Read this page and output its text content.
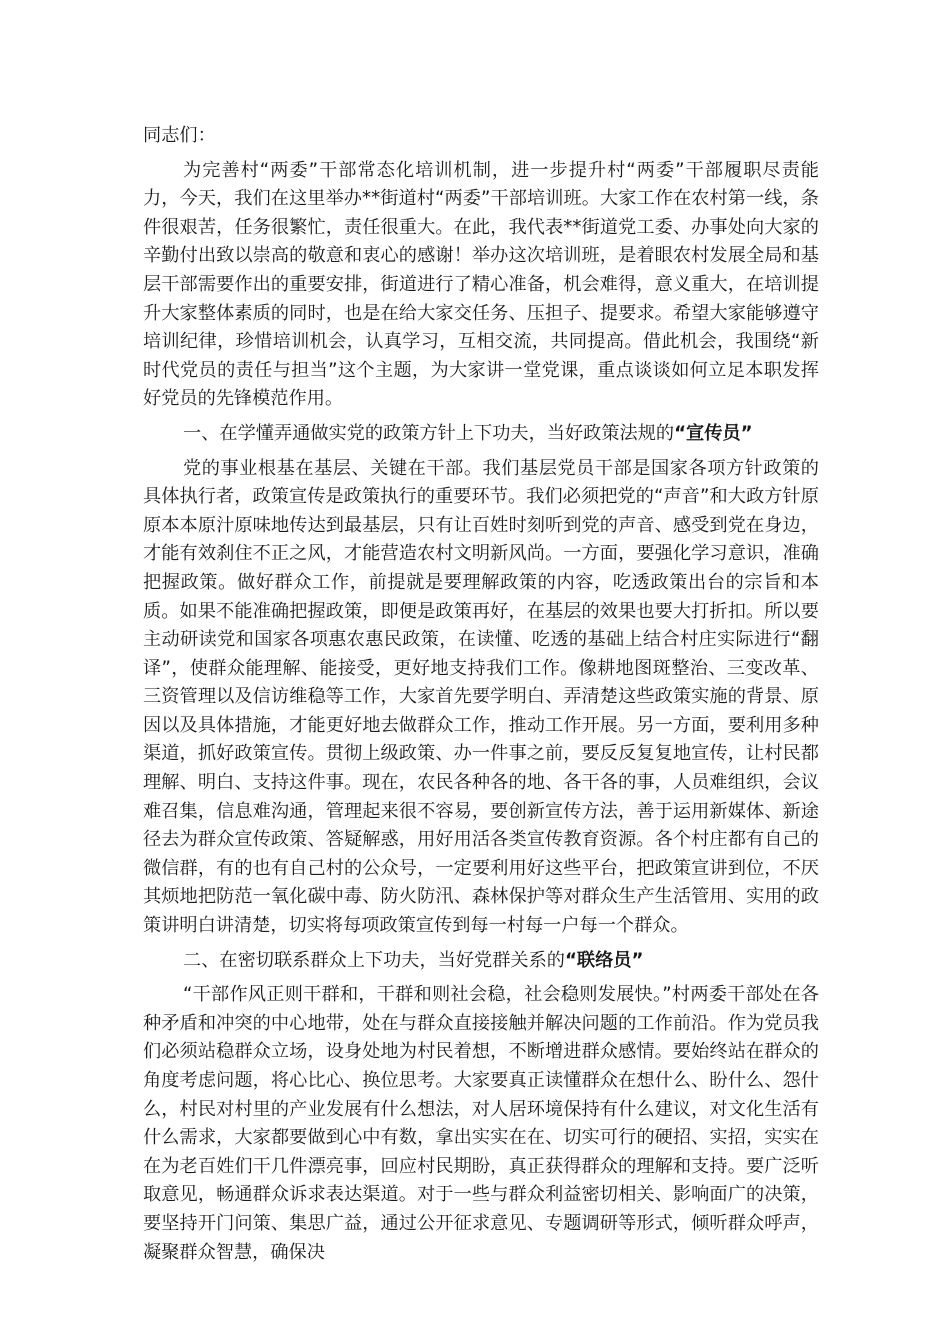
同志们：

为完善村“两委”干部常态化培训机制，进一步提升村“两委”干部履职尽责能力，今天，我们在这里举办**街道村“两委”干部培训班。大家工作在农村第一线，条件很艰苦，任务很繁忙，责任很重大。在此，我代表**街道党工委、办事处向大家的辛勤付出致以崇高的敬意和衷心的感谢！举办这次培训班，是着眼农村发展全局和基层干部需要作出的重要安排，街道进行了精心准备，机会难得，意义重大，在培训提升大家整体素质的同时，也是在给大家交任务、压担子、提要求。希望大家能够遵守培训纪律，珍惜培训机会，认真学习，互相交流，共同提高。借此机会，我围绕“新时代党员的责任与担当”这个主题，为大家讲一堂党课，重点谈谈如何立足本职发挥好党员的先锋模范作用。

一、在学懂弄通做实党的政策方针上下功夫，当好政策法规的“宣传员”

党的事业根基在基层、关键在干部。我们基层党员干部是国家各项方针政策的具体执行者，政策宣传是政策执行的重要环节。我们必须把党的“声音”和大政方针原原本本原汁原味地传达到最基层，只有让百姓时刻听到党的声音、感受到党在身边，才能有效刹住不正之风，才能营造农村文明新风尚。一方面，要强化学习意识，准确把握政策。做好群众工作，前提就是要理解政策的内容，吃透政策出台的宗旨和本质。如果不能准确把握政策，即便是政策再好，在基层的效果也要大打折扣。所以要主动研读党和国家各项惠农惠民政策，在读懂、吃透的基础上结合村庄实际进行“翻译”，使群众能理解、能接受，更好地支持我们工作。像耕地图斑整治、三变改革、三资管理以及信访维稳等工作，大家首先要学明白、弄清楚这些政策实施的背景、原因以及具体措施，才能更好地去做群众工作，推动工作开展。另一方面，要利用多种渠道，抓好政策宣传。贯彻上级政策、办一件事之前，要反反复复地宣传，让村民都理解、明白、支持这件事。现在，农民各种各的地、各干各的事，人员难组织，会议难召集，信息难沟通，管理起来很不容易，要创新宣传方法，善于运用新媒体、新途径去为群众宣传政策、答疑解惑，用好用活各类宣传教育资源。各个村庄都有自己的微信群，有的也有自己村的公众号，一定要利用好这些平台，把政策宣讲到位，不厌其烦地把防范一氧化碳中毒、防火防汛、森林保护等对群众生产生活管用、实用的政策讲明白讲清楚，切实将每项政策宣传到每一村每一户每一个群众。

二、在密切联系群众上下功夫，当好党群关系的“联络员”

“干部作风正则干群和，干群和则社会稳，社会稳则发展快。”村两委干部处在各种矛盾和冲突的中心地带，处在与群众直接接触并解决问题的工作前沿。作为党员我们必须站稳群众立场，设身处地为村民着想，不断增进群众感情。要始终站在群众的角度考虑问题，将心比心、换位思考。大家要真正读懂群众在想什么、盼什么、怨什么，村民对村里的产业发展有什么想法，对人居环境保持有什么建议，对文化生活有什么需求，大家都要做到心中有数，拿出实实在在、切实可行的硬招、实招，实实在在为老百姓们干几件漂亮事，回应村民期盼，真正获得群众的理解和支持。要广泛听取意见，畅通群众诉求表达渠道。对于一些与群众利益密切相关、影响面广的决策，要坚持开门问策、集思广益，通过公开征求意见、专题调研等形式，倾听群众呼声，凝聚群众智慧，确保决
